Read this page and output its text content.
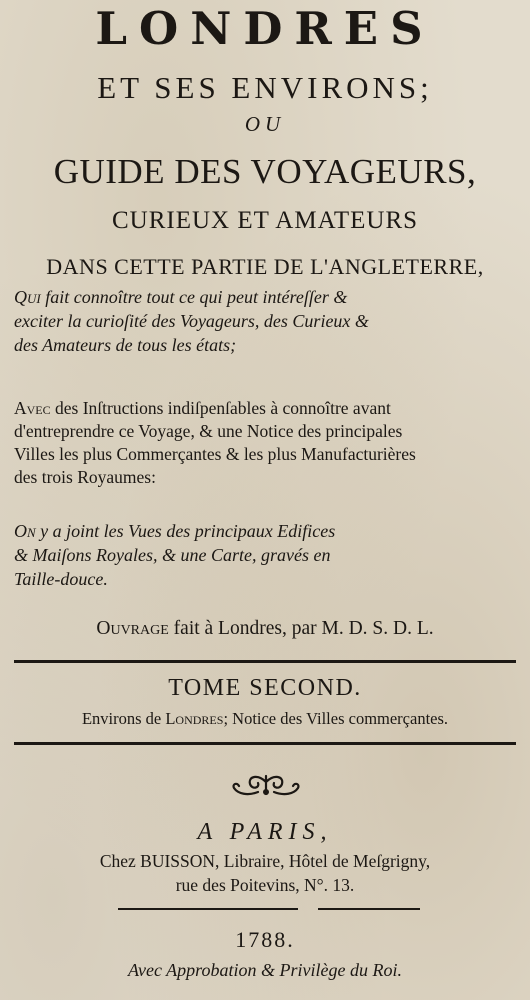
LONDRES
ET SES ENVIRONS;
OU
GUIDE DES VOYAGEURS,
CURIEUX ET AMATEURS
DANS CETTE PARTIE DE L'ANGLETERRE,
Qui fait connoître tout ce qui peut intéreſſer &
exciter la curioſité des Voyageurs, des Curieux &
des Amateurs de tous les états;
Avec des Inſtructions indiſpenſables à connoître avant
d'entreprendre ce Voyage, & une Notice des principales
Villes les plus Commerçantes & les plus Manufacturières
des trois Royaumes:
On y a joint les Vues des principaux Edifices
& Maiſons Royales, & une Carte, gravés en
Taille-douce.
Ouvrage fait à Londres, par M. D. S. D. L.
TOME SECOND.
Environs de Londres; Notice des Villes commerçantes.
A PARIS,
Chez BUISSON, Libraire, Hôtel de Meſgrigny,
rue des Poitevins, N°. 13.
1788.
Avec Approbation & Privilège du Roi.
